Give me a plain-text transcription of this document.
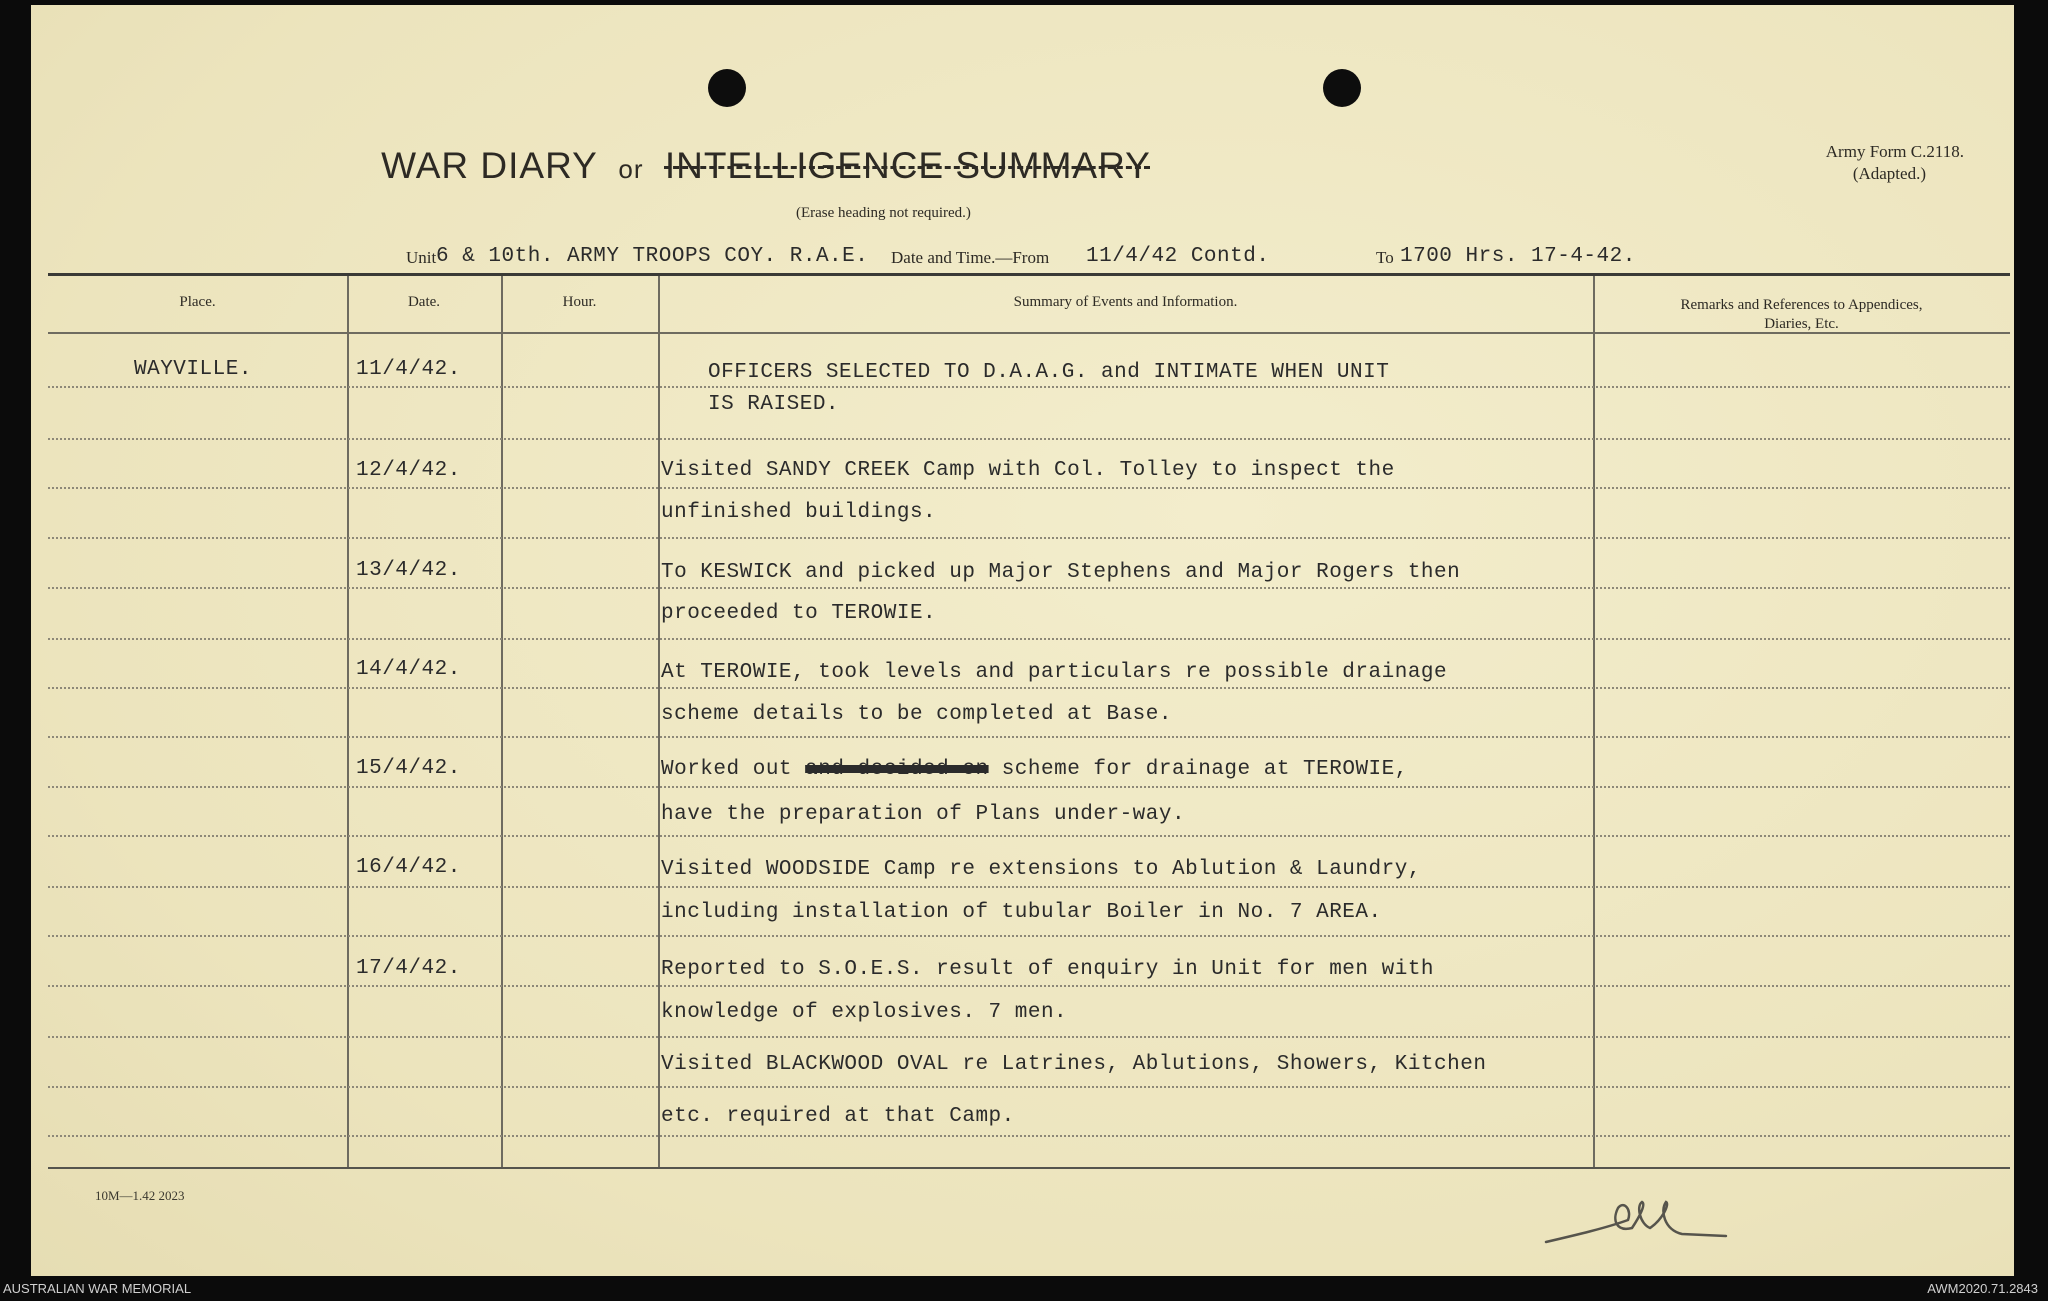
WAR DIARY or INTELLIGENCE SUMMARY
(Erase heading not required.)
Army Form C.2118.
(Adapted.)
Unit 6 & 10th. ARMY TROOPS COY. R.A.E. Date and Time.—From 11/4/42 Contd.	To 1700 Hrs. 17-4-42.
Place.	Date.	Hour.	Summary of Events and Information.	Remarks and References to Appendices,
Diaries, Etc.
WAYVILLE.	11/4/42.	OFFICERS SELECTED TO D.A.A.G. and INTIMATE WHEN UNIT
IS RAISED.
12/4/42.	Visited SANDY CREEK Camp with Col. Tolley to inspect the
unfinished buildings.
13/4/42.	To KESWICK and picked up Major Stephens and Major Rogers then
proceeded to TEROWIE.
14/4/42.	At TEROWIE, took levels and particulars re possible drainage
scheme details to be completed at Base.
15/4/42.	Worked out and decided on scheme for drainage at TEROWIE,
have the preparation of Plans under-way.
16/4/42.	Visited WOODSIDE Camp re extensions to Ablution & Laundry,
including installation of tubular Boiler in No. 7 AREA.
17/4/42.	Reported to S.O.E.S. result of enquiry in Unit for men with
knowledge of explosives. 7 men.
Visited BLACKWOOD OVAL re Latrines, Ablutions, Showers, Kitchen
etc. required at that Camp.
10M—1.42 2023
AUSTRALIAN WAR MEMORIAL	AWM2020.71.2843
